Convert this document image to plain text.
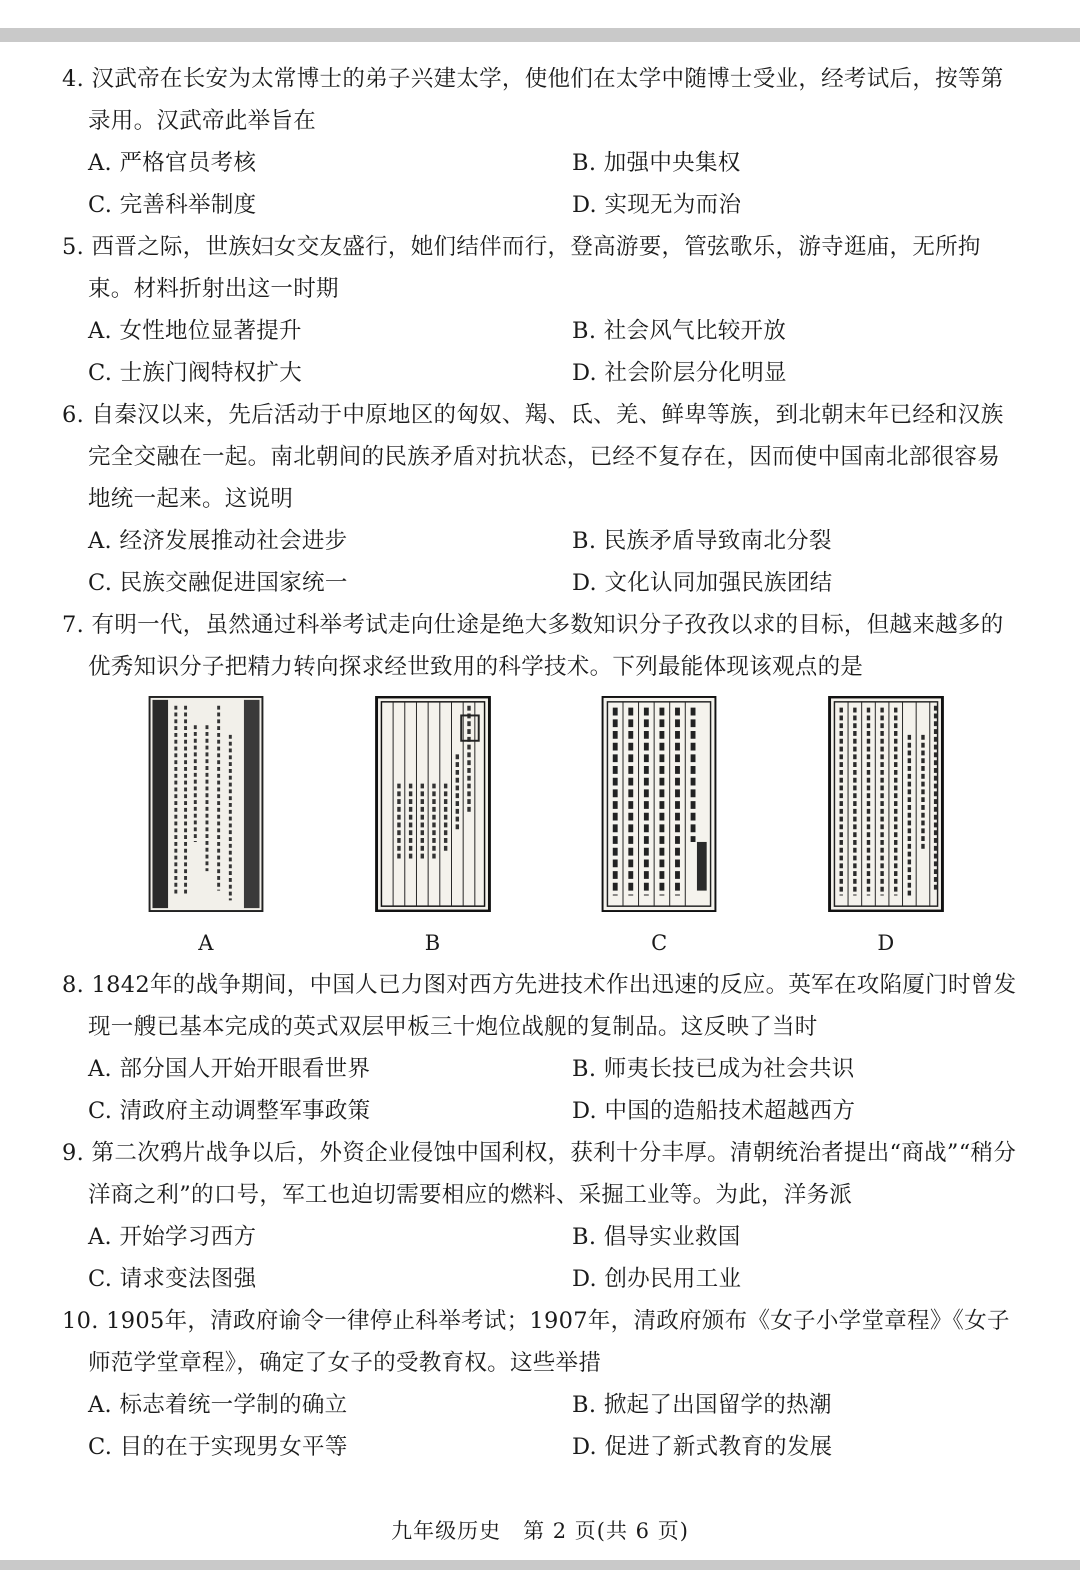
4. 汉武帝在长安为太常博士的弟子兴建太学，使他们在太学中随博士受业，经考试后，按等第录用。汉武帝此举旨在
A. 严格官员考核	B. 加强中央集权
C. 完善科举制度	D. 实现无为而治
5. 西晋之际，世族妇女交友盛行，她们结伴而行，登高游要，管弦歌乐，游寺逛庙，无所拘束。材料折射出这一时期
A. 女性地位显著提升	B. 社会风气比较开放
C. 士族门阀特权扩大	D. 社会阶层分化明显
6. 自秦汉以来，先后活动于中原地区的匈奴、羯、氐、羌、鲜卑等族，到北朝末年已经和汉族完全交融在一起。南北朝间的民族矛盾对抗状态，已经不复存在，因而使中国南北部很容易地统一起来。这说明
A. 经济发展推动社会进步	B. 民族矛盾导致南北分裂
C. 民族交融促进国家统一	D. 文化认同加强民族团结
7. 有明一代，虽然通过科举考试走向仕途是绝大多数知识分子孜孜以求的目标，但越来越多的优秀知识分子把精力转向探求经世致用的科学技术。下列最能体现该观点的是
A	B	C	D
8. 1842年的战争期间，中国人已力图对西方先进技术作出迅速的反应。英军在攻陷厦门时曾发现一艘已基本完成的英式双层甲板三十炮位战舰的复制品。这反映了当时
A. 部分国人开始开眼看世界	B. 师夷长技已成为社会共识
C. 清政府主动调整军事政策	D. 中国的造船技术超越西方
9. 第二次鸦片战争以后，外资企业侵蚀中国利权，获利十分丰厚。清朝统治者提出“商战”“稍分洋商之利”的口号，军工也迫切需要相应的燃料、采掘工业等。为此，洋务派
A. 开始学习西方	B. 倡导实业救国
C. 请求变法图强	D. 创办民用工业
10. 1905年，清政府谕令一律停止科举考试；1907年，清政府颁布《女子小学堂章程》《女子师范学堂章程》，确定了女子的受教育权。这些举措
A. 标志着统一学制的确立	B. 掀起了出国留学的热潮
C. 目的在于实现男女平等	D. 促进了新式教育的发展
九年级历史　第 2 页(共 6 页)
